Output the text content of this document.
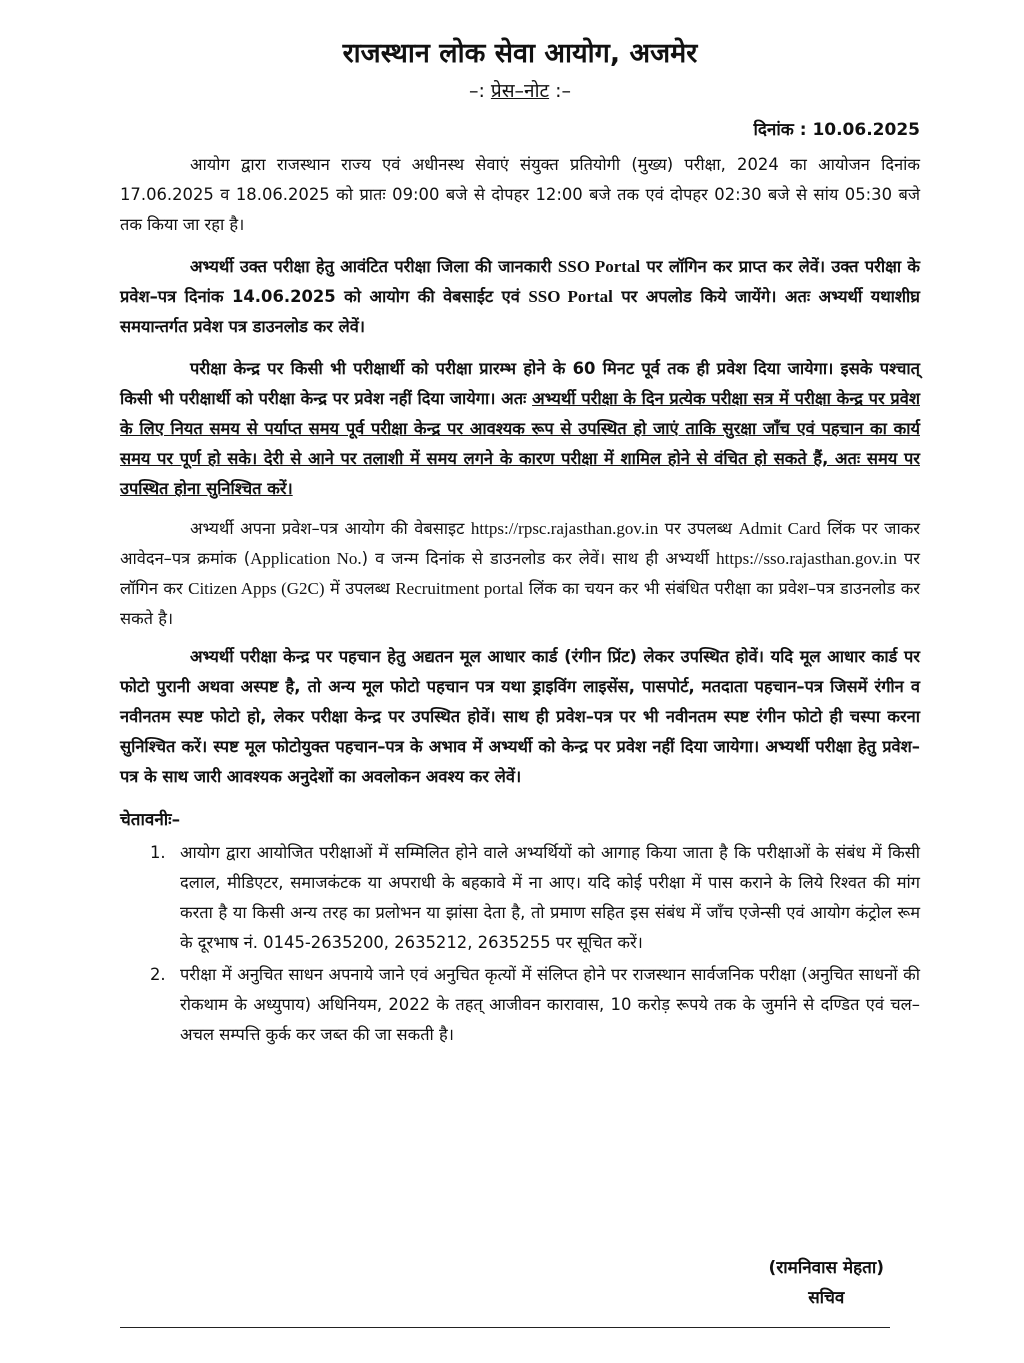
राजस्थान लोक सेवा आयोग, अजमेर
–: प्रेस–नोट :–
दिनांक : 10.06.2025

आयोग द्वारा राजस्थान राज्य एवं अधीनस्थ सेवाएं संयुक्त प्रतियोगी (मुख्य) परीक्षा, 2024 का आयोजन दिनांक 17.06.2025 व 18.06.2025 को प्रातः 09:00 बजे से दोपहर 12:00 बजे तक एवं दोपहर 02:30 बजे से सांय 05:30 बजे तक किया जा रहा है।

अभ्यर्थी उक्त परीक्षा हेतु आवंटित परीक्षा जिला की जानकारी SSO Portal पर लॉगिन कर प्राप्त कर लेवें। उक्त परीक्षा के प्रवेश–पत्र दिनांक 14.06.2025 को आयोग की वेबसाईट एवं SSO Portal पर अपलोड किये जायेंगे। अतः अभ्यर्थी यथाशीघ्र समयान्तर्गत प्रवेश पत्र डाउनलोड कर लेवें।

परीक्षा केन्द्र पर किसी भी परीक्षार्थी को परीक्षा प्रारम्भ होने के 60 मिनट पूर्व तक ही प्रवेश दिया जायेगा। इसके पश्चात् किसी भी परीक्षार्थी को परीक्षा केन्द्र पर प्रवेश नहीं दिया जायेगा। अतः अभ्यर्थी परीक्षा के दिन प्रत्येक परीक्षा सत्र में परीक्षा केन्द्र पर प्रवेश के लिए नियत समय से पर्याप्त समय पूर्व परीक्षा केन्द्र पर आवश्यक रूप से उपस्थित हो जाएं ताकि सुरक्षा जाँच एवं पहचान का कार्य समय पर पूर्ण हो सके। देरी से आने पर तलाशी में समय लगने के कारण परीक्षा में शामिल होने से वंचित हो सकते हैं, अतः समय पर उपस्थित होना सुनिश्चित करें।

अभ्यर्थी अपना प्रवेश–पत्र आयोग की वेबसाइट https://rpsc.rajasthan.gov.in पर उपलब्ध Admit Card लिंक पर जाकर आवेदन–पत्र क्रमांक (Application No.) व जन्म दिनांक से डाउनलोड कर लेवें। साथ ही अभ्यर्थी https://sso.rajasthan.gov.in पर लॉगिन कर Citizen Apps (G2C) में उपलब्ध Recruitment portal लिंक का चयन कर भी संबंधित परीक्षा का प्रवेश–पत्र डाउनलोड कर सकते है।

अभ्यर्थी परीक्षा केन्द्र पर पहचान हेतु अद्यतन मूल आधार कार्ड (रंगीन प्रिंट) लेकर उपस्थित होवें। यदि मूल आधार कार्ड पर फोटो पुरानी अथवा अस्पष्ट है, तो अन्य मूल फोटो पहचान पत्र यथा ड्राइविंग लाइसेंस, पासपोर्ट, मतदाता पहचान–पत्र जिसमें रंगीन व नवीनतम स्पष्ट फोटो हो, लेकर परीक्षा केन्द्र पर उपस्थित होवें। साथ ही प्रवेश–पत्र पर भी नवीनतम स्पष्ट रंगीन फोटो ही चस्पा करना सुनिश्चित करें। स्पष्ट मूल फोटोयुक्त पहचान–पत्र के अभाव में अभ्यर्थी को केन्द्र पर प्रवेश नहीं दिया जायेगा। अभ्यर्थी परीक्षा हेतु प्रवेश–पत्र के साथ जारी आवश्यक अनुदेशों का अवलोकन अवश्य कर लेवें।

चेतावनीः–
1. आयोग द्वारा आयोजित परीक्षाओं में सम्मिलित होने वाले अभ्यर्थियों को आगाह किया जाता है कि परीक्षाओं के संबंध में किसी दलाल, मीडिएटर, समाजकंटक या अपराधी के बहकावे में ना आए। यदि कोई परीक्षा में पास कराने के लिये रिश्वत की मांग करता है या किसी अन्य तरह का प्रलोभन या झांसा देता है, तो प्रमाण सहित इस संबंध में जाँच एजेन्सी एवं आयोग कंट्रोल रूम के दूरभाष नं. 0145-2635200, 2635212, 2635255 पर सूचित करें।
2. परीक्षा में अनुचित साधन अपनाये जाने एवं अनुचित कृत्यों में संलिप्त होने पर राजस्थान सार्वजनिक परीक्षा (अनुचित साधनों की रोकथाम के अध्युपाय) अधिनियम, 2022 के तहत् आजीवन कारावास, 10 करोड़ रूपये तक के जुर्माने से दण्डित एवं चल–अचल सम्पत्ति कुर्क कर जब्त की जा सकती है।
(रामनिवास मेहता)
सचिव
